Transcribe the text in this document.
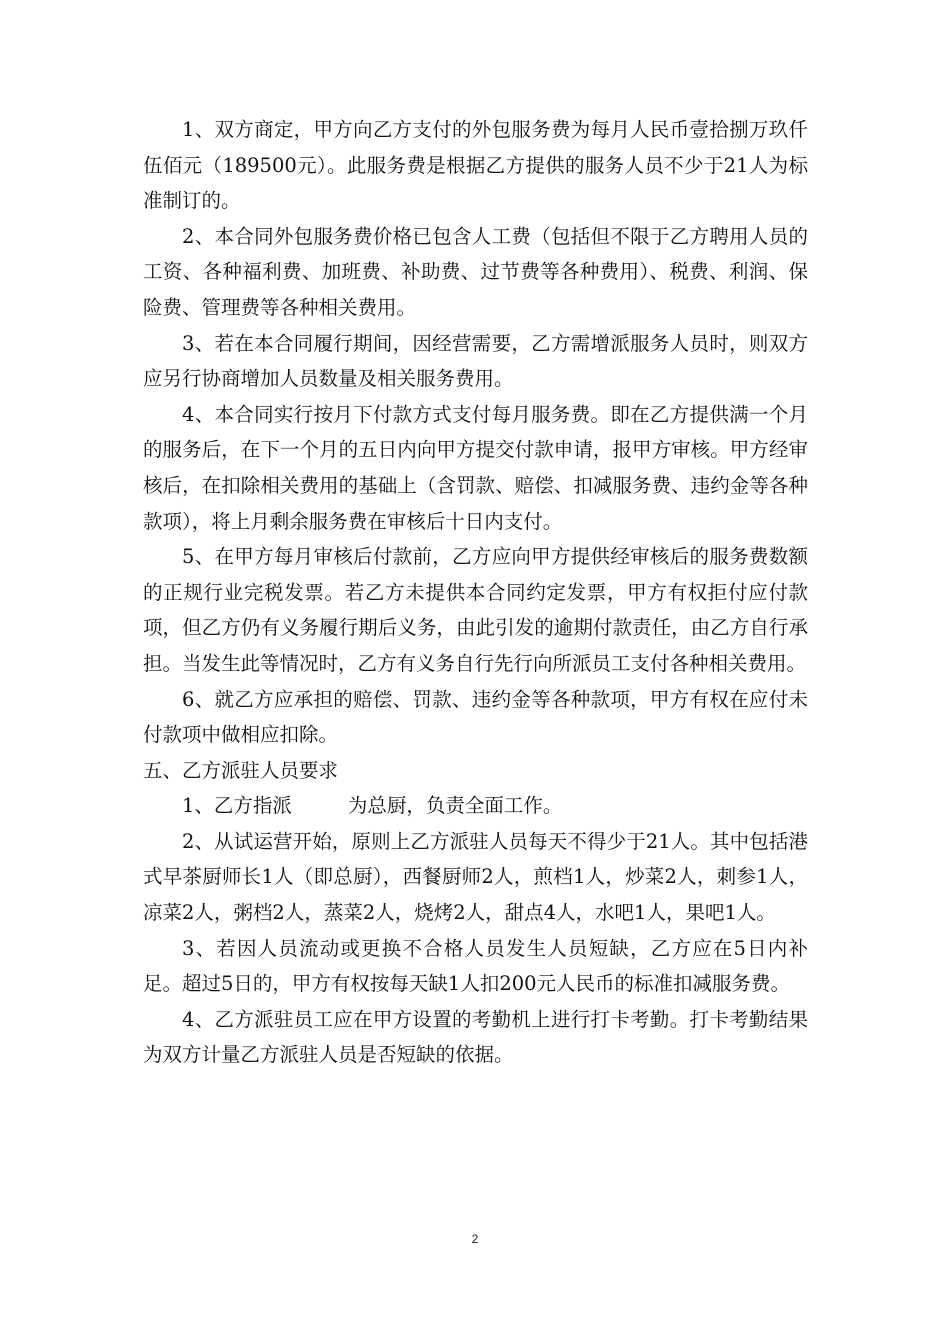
1、双方商定，甲方向乙方支付的外包服务费为每月人民币壹拾捌万玖仟伍佰元（189500元）。此服务费是根据乙方提供的服务人员不少于21人为标准制订的。

2、本合同外包服务费价格已包含人工费（包括但不限于乙方聘用人员的工资、各种福利费、加班费、补助费、过节费等各种费用）、税费、利润、保险费、管理费等各种相关费用。

3、若在本合同履行期间，因经营需要，乙方需增派服务人员时，则双方应另行协商增加人员数量及相关服务费用。

4、本合同实行按月下付款方式支付每月服务费。即在乙方提供满一个月的服务后，在下一个月的五日内向甲方提交付款申请，报甲方审核。甲方经审核后，在扣除相关费用的基础上（含罚款、赔偿、扣减服务费、违约金等各种款项），将上月剩余服务费在审核后十日内支付。

5、在甲方每月审核后付款前，乙方应向甲方提供经审核后的服务费数额的正规行业完税发票。若乙方未提供本合同约定发票，甲方有权拒付应付款项，但乙方仍有义务履行期后义务，由此引发的逾期付款责任，由乙方自行承担。当发生此等情况时，乙方有义务自行先行向所派员工支付各种相关费用。

6、就乙方应承担的赔偿、罚款、违约金等各种款项，甲方有权在应付未付款项中做相应扣除。

五、乙方派驻人员要求

1、乙方指派	为总厨，负责全面工作。

2、从试运营开始，原则上乙方派驻人员每天不得少于21人。其中包括港式早茶厨师长1人（即总厨），西餐厨师2人，煎档1人，炒菜2人，刺参1人，凉菜2人，粥档2人，蒸菜2人，烧烤2人，甜点4人，水吧1人，果吧1人。

3、若因人员流动或更换不合格人员发生人员短缺，乙方应在5日内补足。超过5日的，甲方有权按每天缺1人扣200元人民币的标准扣减服务费。

4、乙方派驻员工应在甲方设置的考勤机上进行打卡考勤。打卡考勤结果为双方计量乙方派驻人员是否短缺的依据。

2
